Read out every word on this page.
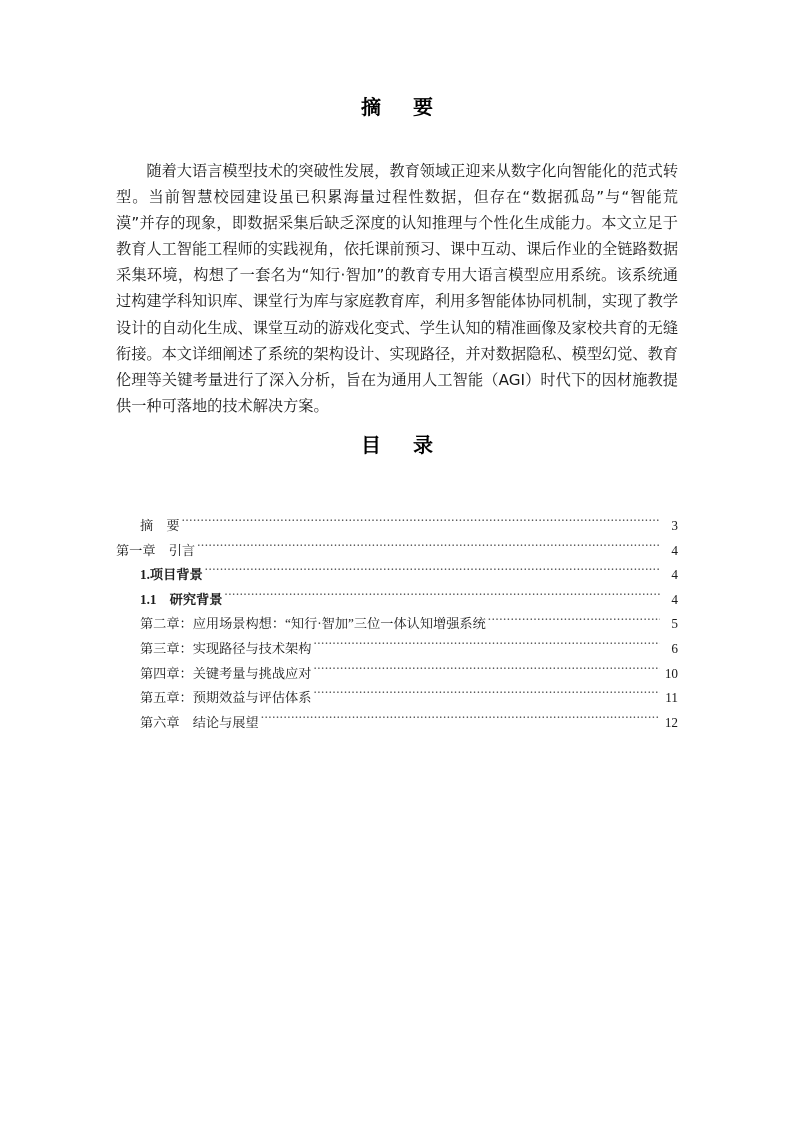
摘　要

随着大语言模型技术的突破性发展，教育领域正迎来从数字化向智能化的范式转型。当前智慧校园建设虽已积累海量过程性数据，但存在“数据孤岛”与“智能荒漠”并存的现象，即数据采集后缺乏深度的认知推理与个性化生成能力。本文立足于教育人工智能工程师的实践视角，依托课前预习、课中互动、课后作业的全链路数据采集环境，构想了一套名为“知行·智加”的教育专用大语言模型应用系统。该系统通过构建学科知识库、课堂行为库与家庭教育库，利用多智能体协同机制，实现了教学设计的自动化生成、课堂互动的游戏化变式、学生认知的精准画像及家校共育的无缝衔接。本文详细阐述了系统的架构设计、实现路径，并对数据隐私、模型幻觉、教育伦理等关键考量进行了深入分析，旨在为通用人工智能（AGI）时代下的因材施教提供一种可落地的技术解决方案。

目　录
摘　要 .....	3
第一章　引言 .....	4
1.项目背景 .....	4
1.1　研究背景 .....	4
第二章：应用场景构想：“知行·智加”三位一体认知增强系统 .....	5
第三章：实现路径与技术架构 .....	6
第四章：关键考量与挑战应对 .....	10
第五章：预期效益与评估体系 .....	11
第六章　结论与展望 .....	12
